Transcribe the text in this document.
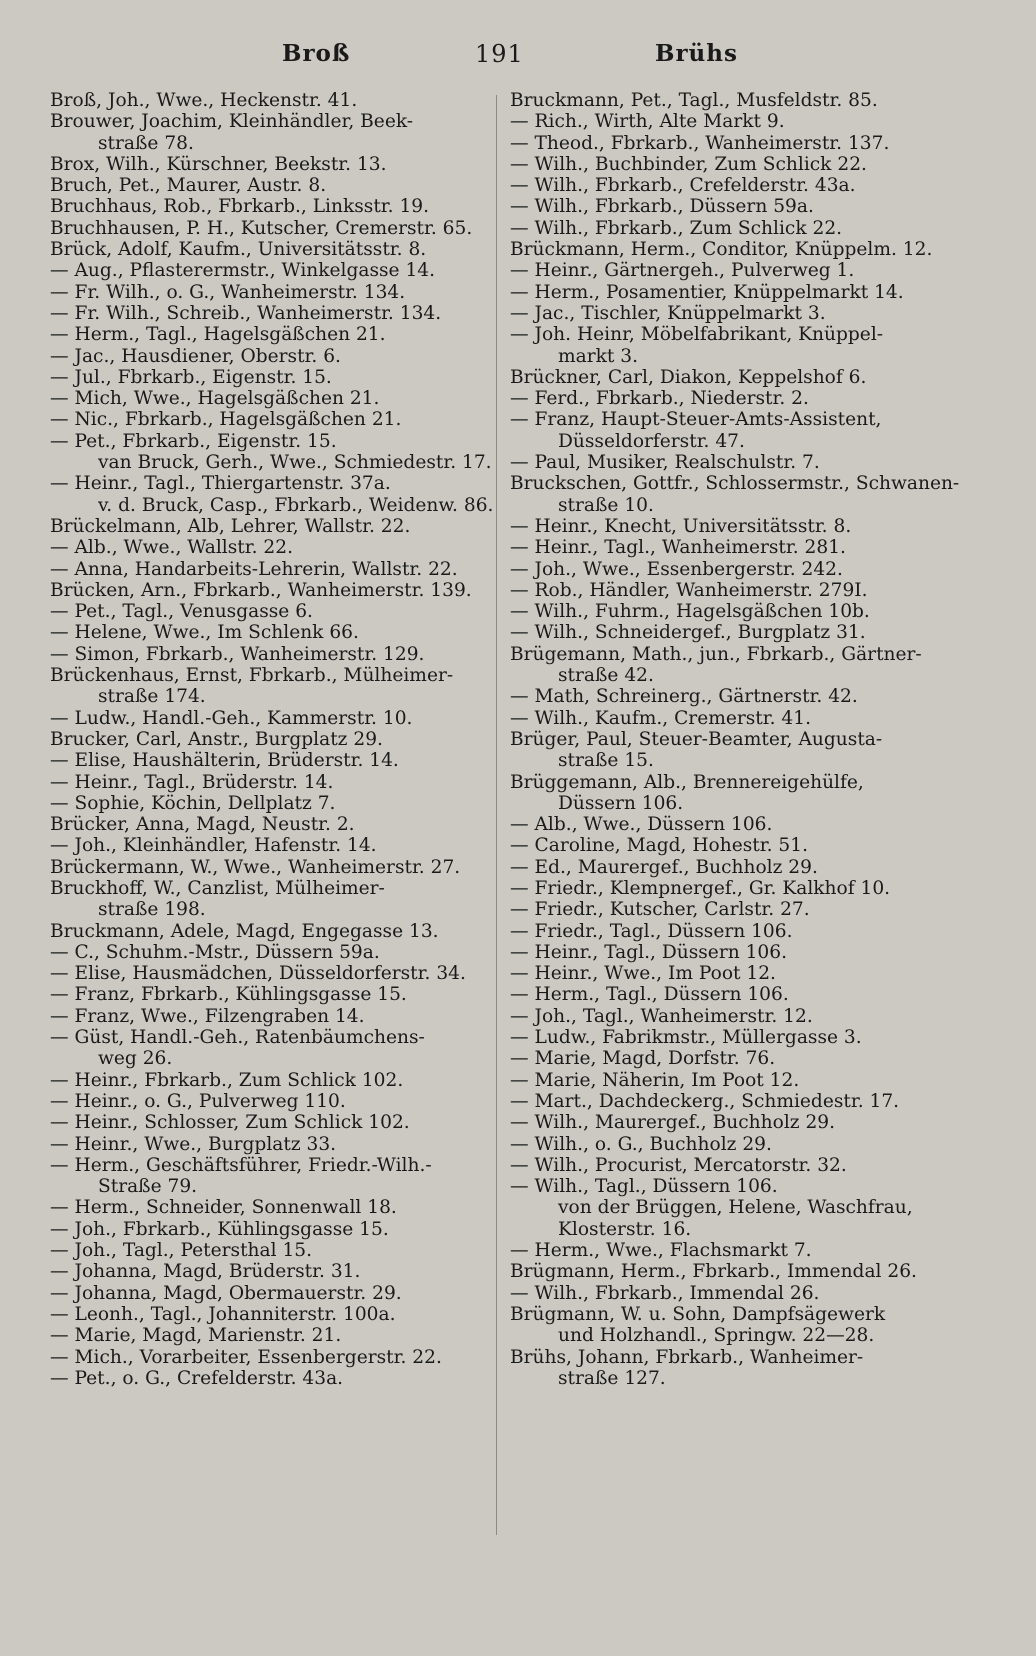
Broß	191	Brühs
Broß, Joh., Wwe., Heckenstr. 41.
Brouwer, Joachim, Kleinhändler, Beek-
straße 78.
Brox, Wilh., Kürschner, Beekstr. 13.
Bruch, Pet., Maurer, Austr. 8.
Bruchhaus, Rob., Fbrkarb., Linksstr. 19.
Bruchhausen, P. H., Kutscher, Cremerstr. 65.
Brück, Adolf, Kaufm., Universitätsstr. 8.
— Aug., Pflasterermstr., Winkelgasse 14.
— Fr. Wilh., o. G., Wanheimerstr. 134.
— Fr. Wilh., Schreib., Wanheimerstr. 134.
— Herm., Tagl., Hagelsgäßchen 21.
— Jac., Hausdiener, Oberstr. 6.
— Jul., Fbrkarb., Eigenstr. 15.
— Mich, Wwe., Hagelsgäßchen 21.
— Nic., Fbrkarb., Hagelsgäßchen 21.
— Pet., Fbrkarb., Eigenstr. 15.
van Bruck, Gerh., Wwe., Schmiedestr. 17.
— Heinr., Tagl., Thiergartenstr. 37a.
v. d. Bruck, Casp., Fbrkarb., Weidenw. 86.
Brückelmann, Alb, Lehrer, Wallstr. 22.
— Alb., Wwe., Wallstr. 22.
— Anna, Handarbeits-Lehrerin, Wallstr. 22.
Brücken, Arn., Fbrkarb., Wanheimerstr. 139.
— Pet., Tagl., Venusgasse 6.
— Helene, Wwe., Im Schlenk 66.
— Simon, Fbrkarb., Wanheimerstr. 129.
Brückenhaus, Ernst, Fbrkarb., Mülheimer-
straße 174.
— Ludw., Handl.-Geh., Kammerstr. 10.
Brucker, Carl, Anstr., Burgplatz 29.
— Elise, Haushälterin, Brüderstr. 14.
— Heinr., Tagl., Brüderstr. 14.
— Sophie, Köchin, Dellplatz 7.
Brücker, Anna, Magd, Neustr. 2.
— Joh., Kleinhändler, Hafenstr. 14.
Brückermann, W., Wwe., Wanheimerstr. 27.
Bruckhoff, W., Canzlist, Mülheimer-
straße 198.
Bruckmann, Adele, Magd, Engegasse 13.
— C., Schuhm.-Mstr., Düssern 59a.
— Elise, Hausmädchen, Düsseldorferstr. 34.
— Franz, Fbrkarb., Kühlingsgasse 15.
— Franz, Wwe., Filzengraben 14.
— Güst, Handl.-Geh., Ratenbäumchens-
weg 26.
— Heinr., Fbrkarb., Zum Schlick 102.
— Heinr., o. G., Pulverweg 110.
— Heinr., Schlosser, Zum Schlick 102.
— Heinr., Wwe., Burgplatz 33.
— Herm., Geschäftsführer, Friedr.-Wilh.-
Straße 79.
— Herm., Schneider, Sonnenwall 18.
— Joh., Fbrkarb., Kühlingsgasse 15.
— Joh., Tagl., Petersthal 15.
— Johanna, Magd, Brüderstr. 31.
— Johanna, Magd, Obermauerstr. 29.
— Leonh., Tagl., Johanniterstr. 100a.
— Marie, Magd, Marienstr. 21.
— Mich., Vorarbeiter, Essenbergerstr. 22.
— Pet., o. G., Crefelderstr. 43a.
Bruckmann, Pet., Tagl., Musfeldstr. 85.
— Rich., Wirth, Alte Markt 9.
— Theod., Fbrkarb., Wanheimerstr. 137.
— Wilh., Buchbinder, Zum Schlick 22.
— Wilh., Fbrkarb., Crefelderstr. 43a.
— Wilh., Fbrkarb., Düssern 59a.
— Wilh., Fbrkarb., Zum Schlick 22.
Brückmann, Herm., Conditor, Knüppelm. 12.
— Heinr., Gärtnergeh., Pulverweg 1.
— Herm., Posamentier, Knüppelmarkt 14.
— Jac., Tischler, Knüppelmarkt 3.
— Joh. Heinr, Möbelfabrikant, Knüppel-
markt 3.
Brückner, Carl, Diakon, Keppelshof 6.
— Ferd., Fbrkarb., Niederstr. 2.
— Franz, Haupt-Steuer-Amts-Assistent,
Düsseldorferstr. 47.
— Paul, Musiker, Realschulstr. 7.
Bruckschen, Gottfr., Schlossermstr., Schwanen-
straße 10.
— Heinr., Knecht, Universitätsstr. 8.
— Heinr., Tagl., Wanheimerstr. 281.
— Joh., Wwe., Essenbergerstr. 242.
— Rob., Händler, Wanheimerstr. 279I.
— Wilh., Fuhrm., Hagelsgäßchen 10b.
— Wilh., Schneidergef., Burgplatz 31.
Brügemann, Math., jun., Fbrkarb., Gärtner-
straße 42.
— Math, Schreinerg., Gärtnerstr. 42.
— Wilh., Kaufm., Cremerstr. 41.
Brüger, Paul, Steuer-Beamter, Augusta-
straße 15.
Brüggemann, Alb., Brennereigehülfe,
Düssern 106.
— Alb., Wwe., Düssern 106.
— Caroline, Magd, Hohestr. 51.
— Ed., Maurergef., Buchholz 29.
— Friedr., Klempnergef., Gr. Kalkhof 10.
— Friedr., Kutscher, Carlstr. 27.
— Friedr., Tagl., Düssern 106.
— Heinr., Tagl., Düssern 106.
— Heinr., Wwe., Im Poot 12.
— Herm., Tagl., Düssern 106.
— Joh., Tagl., Wanheimerstr. 12.
— Ludw., Fabrikmstr., Müllergasse 3.
— Marie, Magd, Dorfstr. 76.
— Marie, Näherin, Im Poot 12.
— Mart., Dachdeckerg., Schmiedestr. 17.
— Wilh., Maurergef., Buchholz 29.
— Wilh., o. G., Buchholz 29.
— Wilh., Procurist, Mercatorstr. 32.
— Wilh., Tagl., Düssern 106.
von der Brüggen, Helene, Waschfrau,
Klosterstr. 16.
— Herm., Wwe., Flachsmarkt 7.
Brügmann, Herm., Fbrkarb., Immendal 26.
— Wilh., Fbrkarb., Immendal 26.
Brügmann, W. u. Sohn, Dampfsägewerk
und Holzhandl., Springw. 22—28.
Brühs, Johann, Fbrkarb., Wanheimer-
straße 127.
